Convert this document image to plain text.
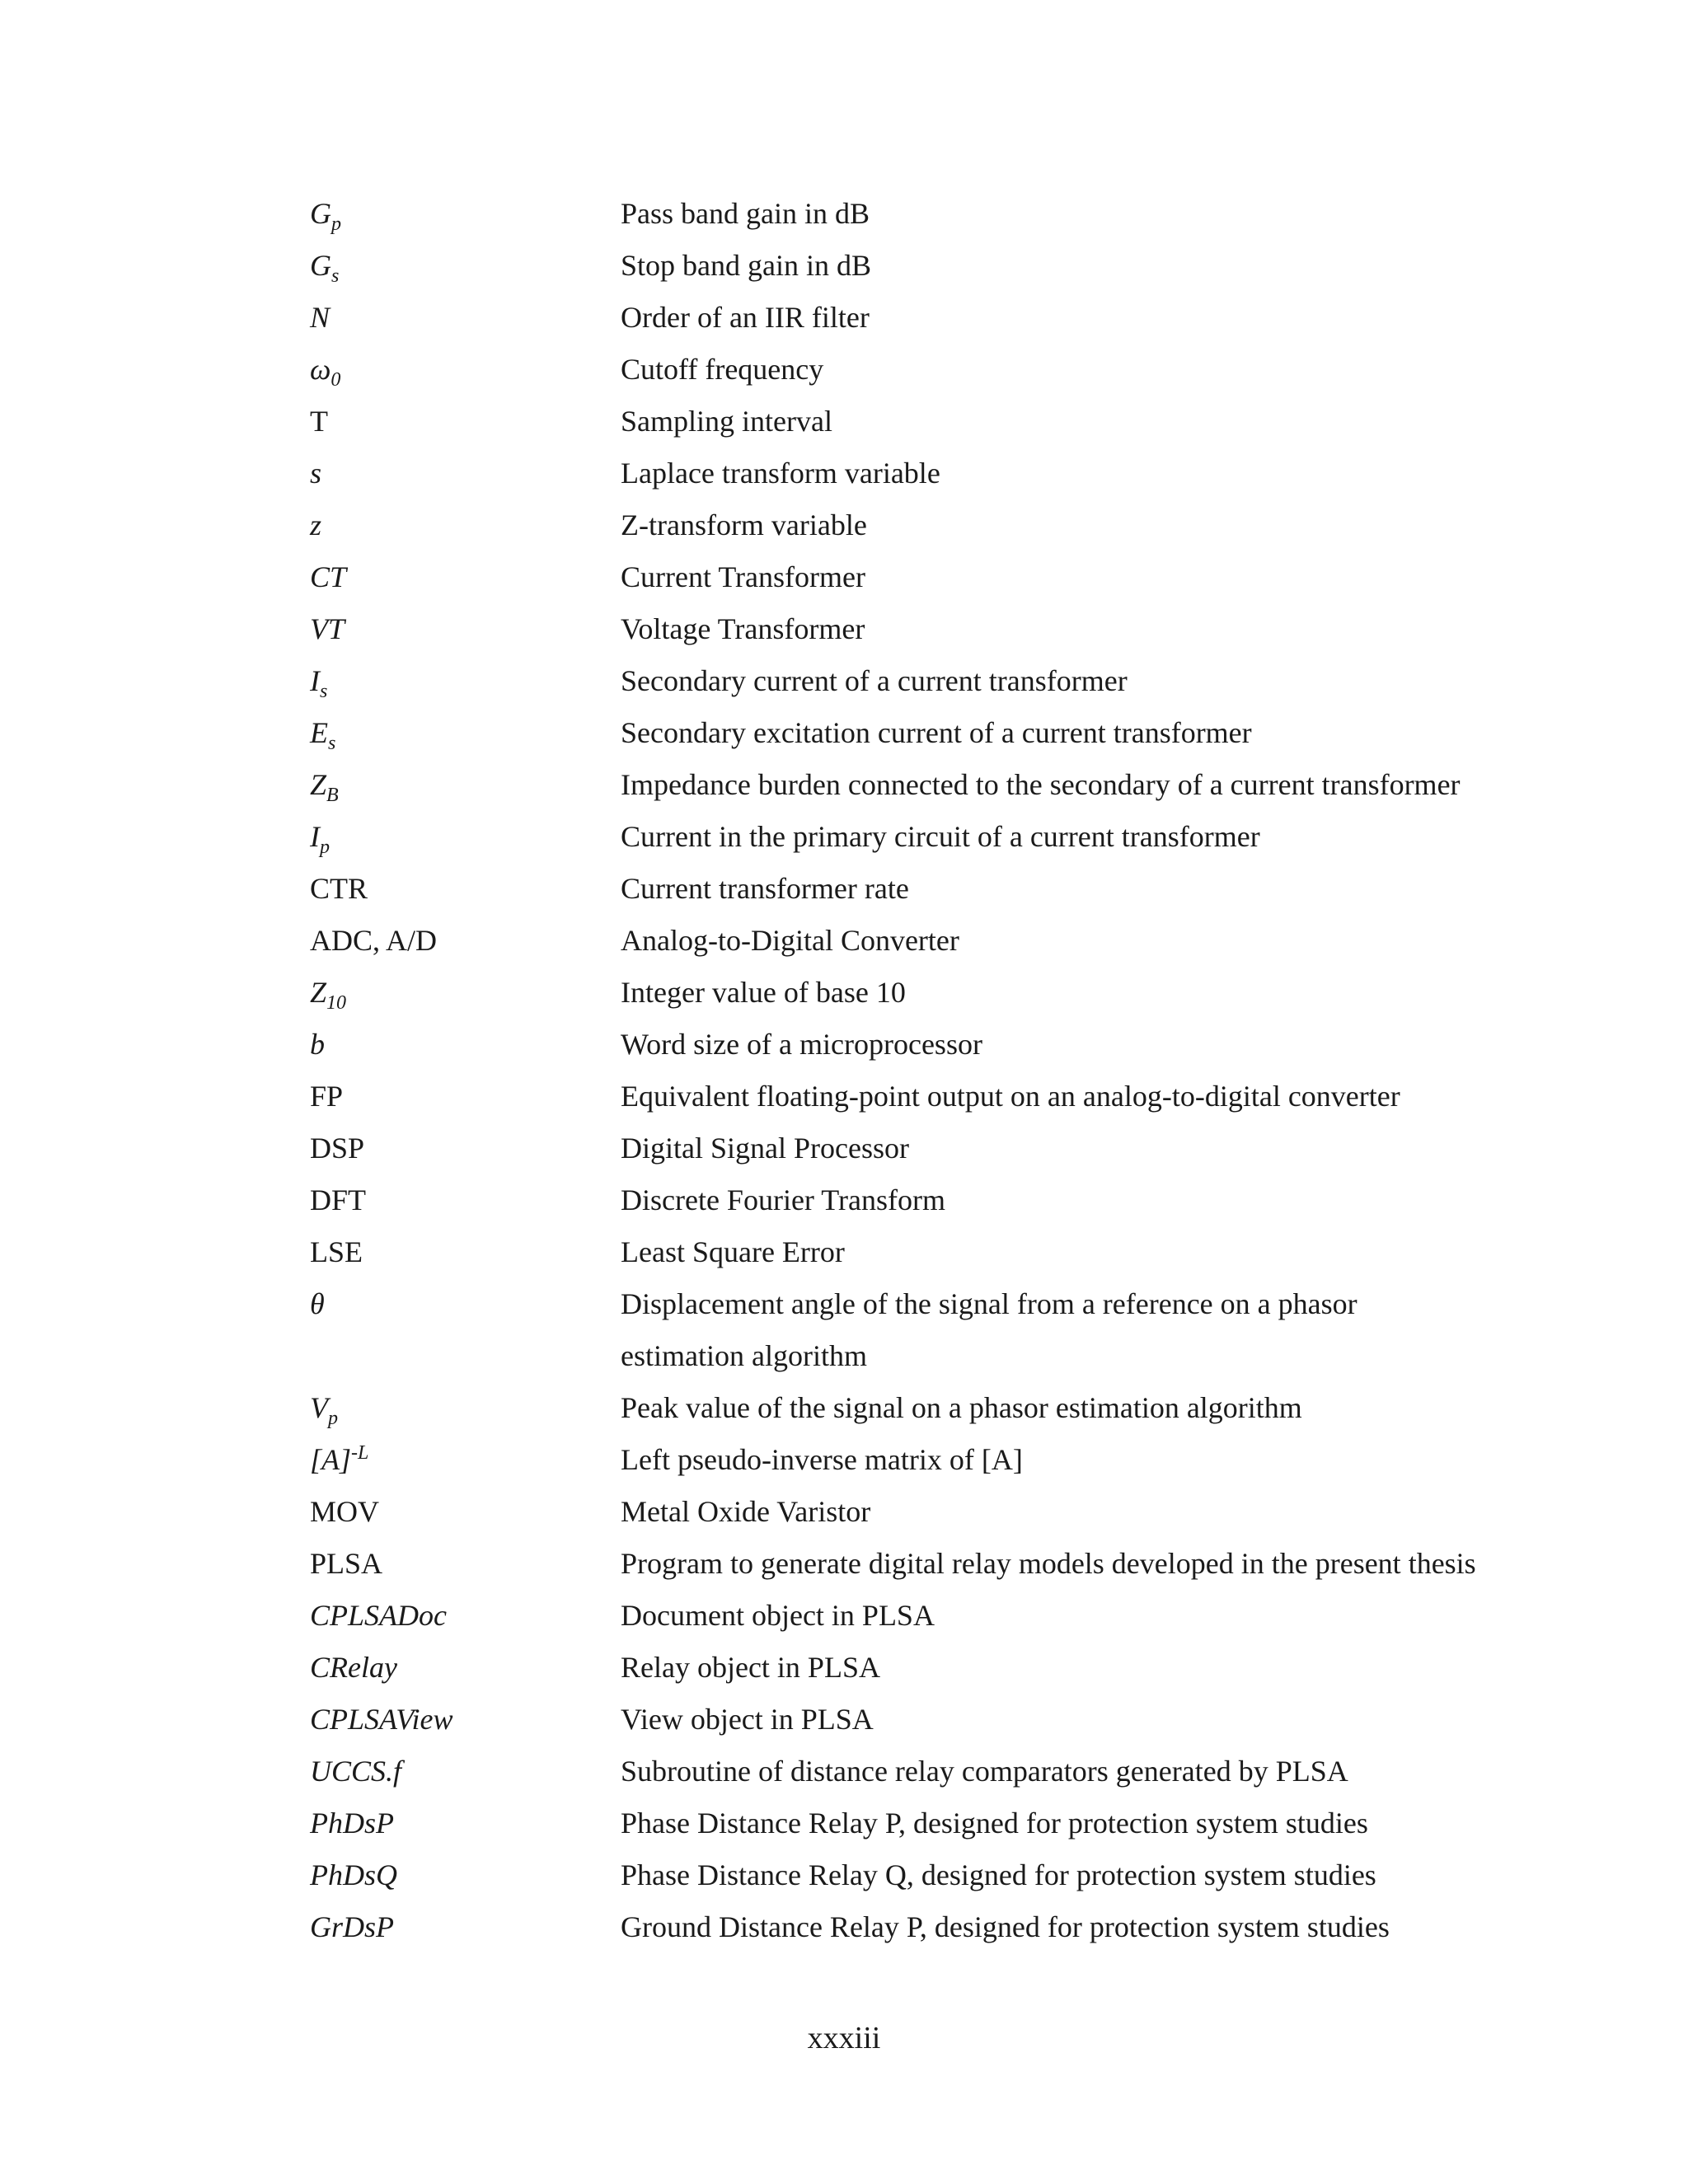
$G_p$	Pass band gain in dB
$G_s$	Stop band gain in dB
N	Order of an IIR filter
$\omega_0$	Cutoff frequency
T	Sampling interval
s	Laplace transform variable
z	Z-transform variable
CT	Current Transformer
VT	Voltage Transformer
$I_s$	Secondary current of a current transformer
$E_s$	Secondary excitation current of a current transformer
$Z_B$	Impedance burden connected to the secondary of a current transformer
$I_p$	Current in the primary circuit of a current transformer
CTR	Current transformer rate
ADC, A/D	Analog-to-Digital Converter
$Z_{10}$	Integer value of base 10
b	Word size of a microprocessor
FP	Equivalent floating-point output on an analog-to-digital converter
DSP	Digital Signal Processor
DFT	Discrete Fourier Transform
LSE	Least Square Error
θ	Displacement angle of the signal from a reference on a phasor
estimation algorithm
$V_p$	Peak value of the signal on a phasor estimation algorithm
$[A]^{-L}$	Left pseudo-inverse matrix of [A]
MOV	Metal Oxide Varistor
PLSA	Program to generate digital relay models developed in the present thesis
CPLSADoc	Document object in PLSA
CRelay	Relay object in PLSA
CPLSAView	View object in PLSA
UCCS.f	Subroutine of distance relay comparators generated by PLSA
PhDsP	Phase Distance Relay P, designed for protection system studies
PhDsQ	Phase Distance Relay Q, designed for protection system studies
GrDsP	Ground Distance Relay P, designed for protection system studies
xxxiii
